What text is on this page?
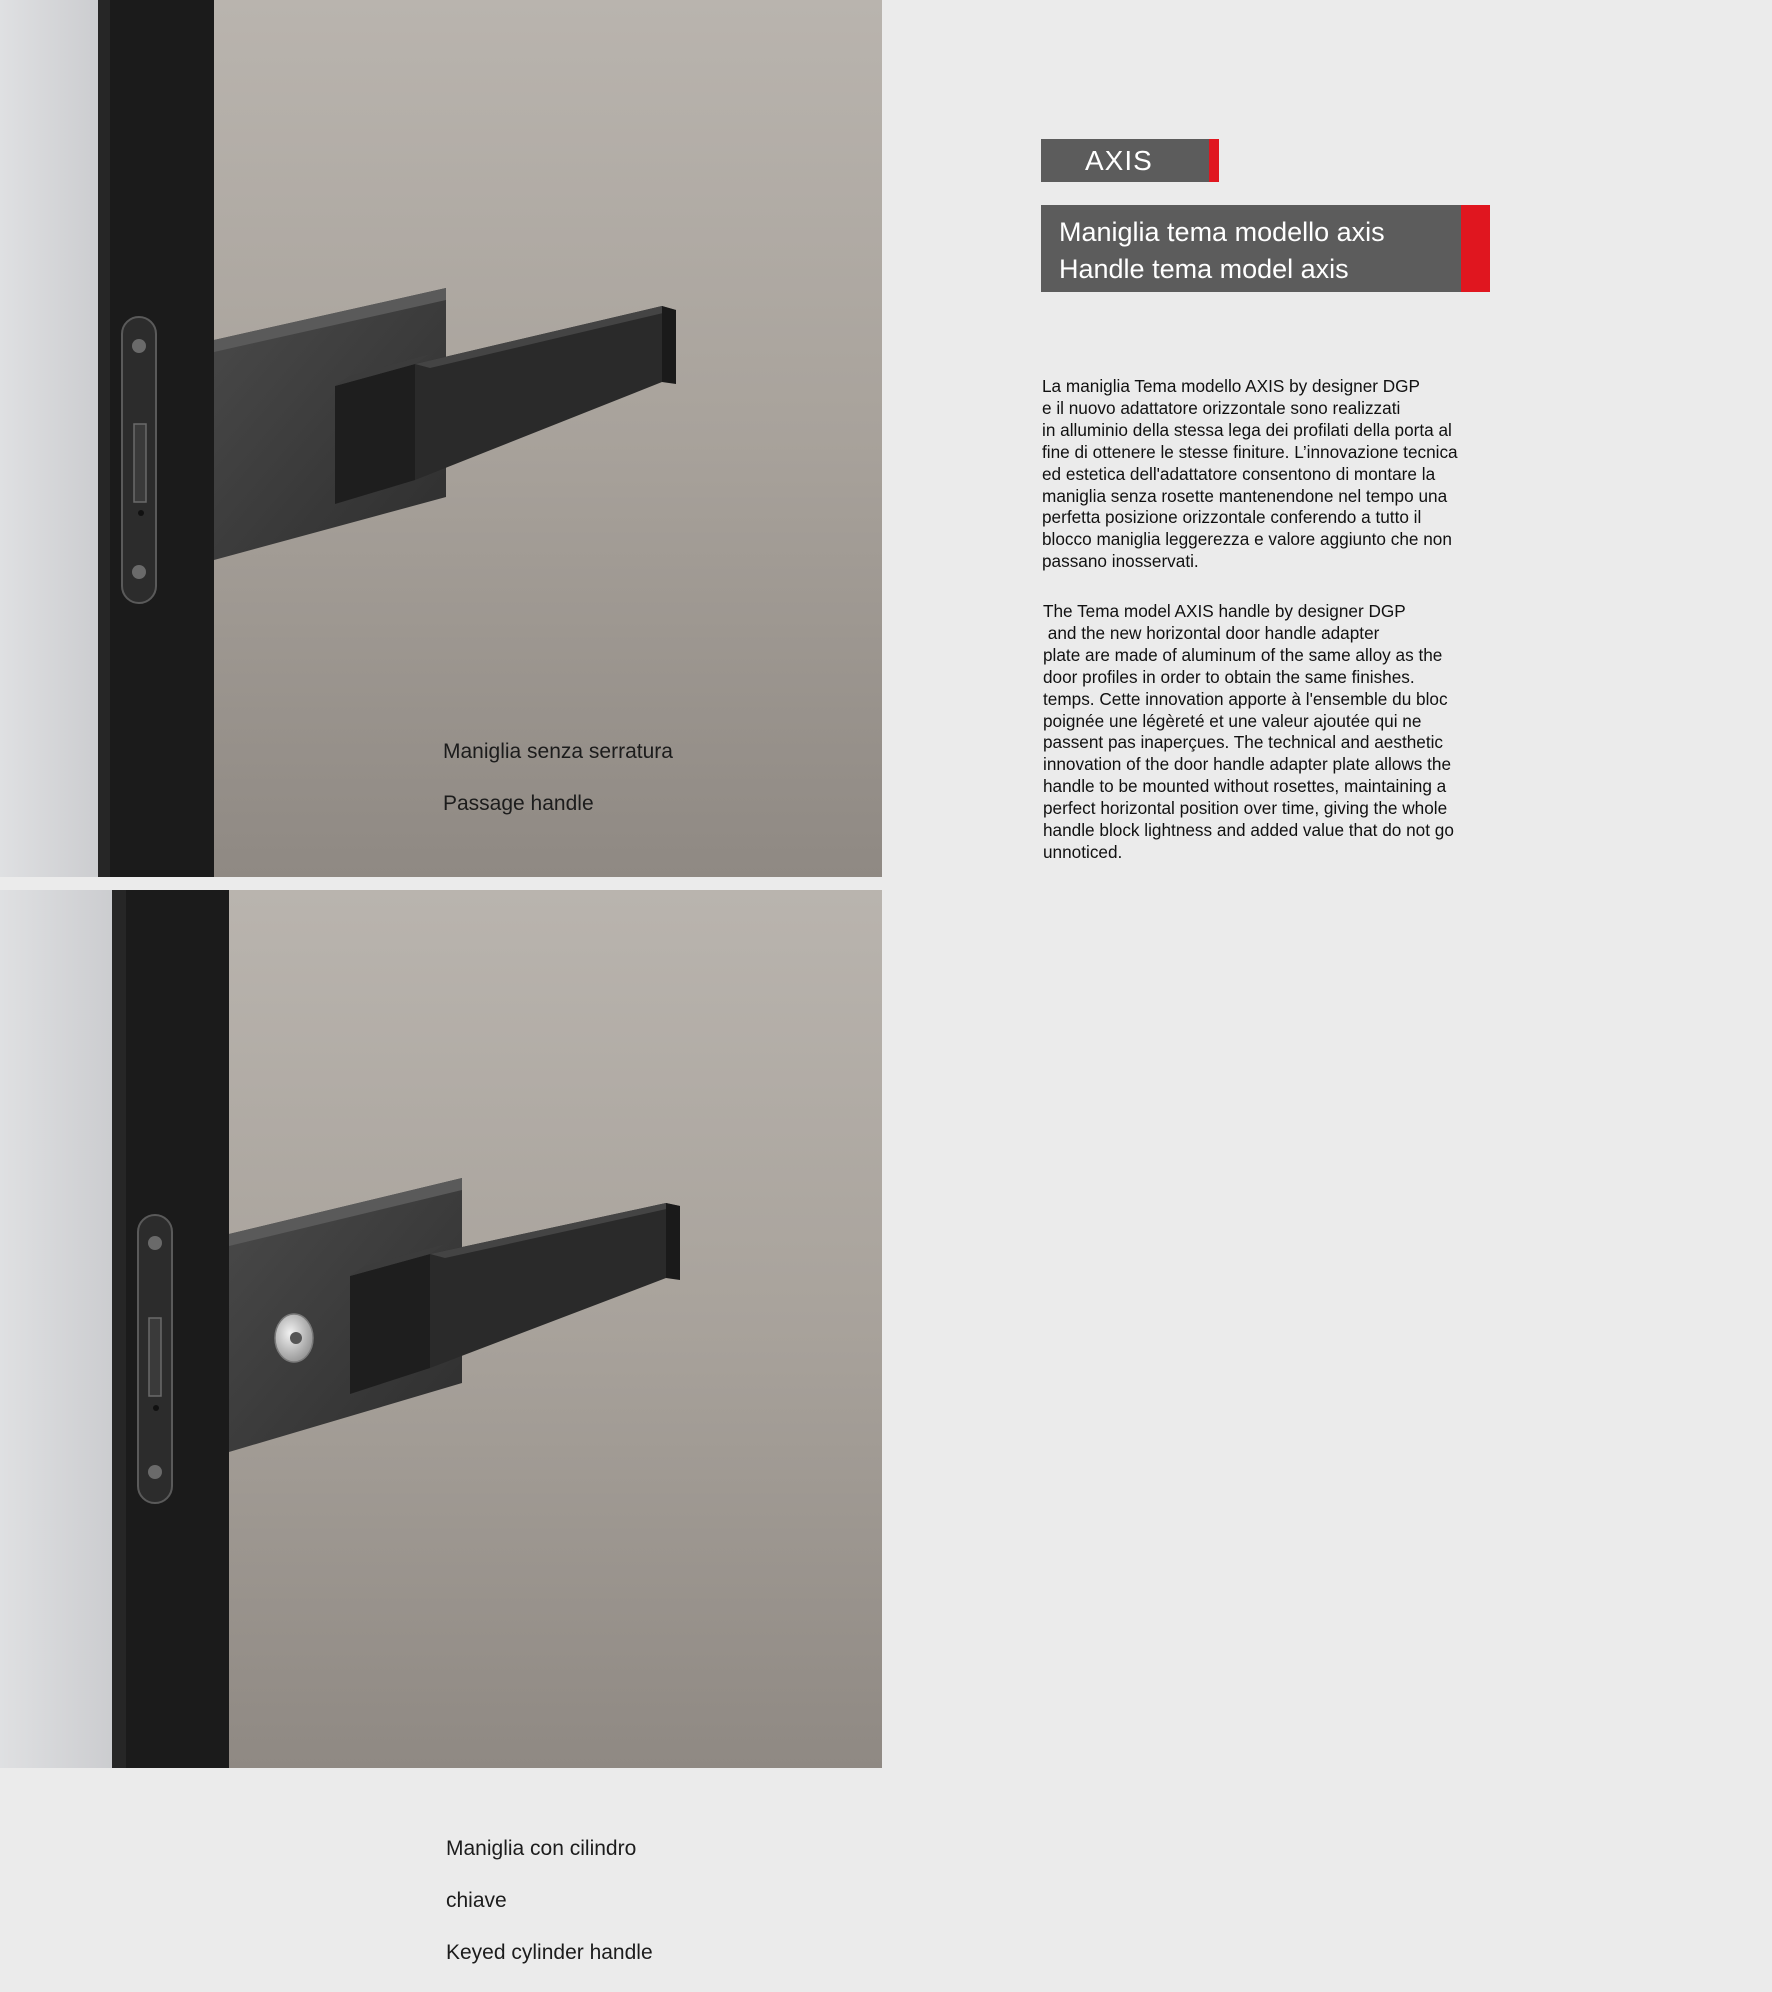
Maniglia senza serratura

Passage handle

Maniglia con cilindro

chiave

Keyed cylinder handle

AXIS
Maniglia tema modello axis
Handle tema model axis

La maniglia Tema modello AXIS by designer DGP
e il nuovo adattatore orizzontale sono realizzati
in alluminio della stessa lega dei profilati della porta al
fine di ottenere le stesse finiture. L’innovazione tecnica
ed estetica dell'adattatore consentono di montare la
maniglia senza rosette mantenendone nel tempo una
perfetta posizione orizzontale conferendo a tutto il
blocco maniglia leggerezza e valore aggiunto che non
passano inosservati.

The Tema model AXIS handle by designer DGP
and the new horizontal door handle adapter
plate are made of aluminum of the same alloy as the
door profiles in order to obtain the same finishes.
temps. Cette innovation apporte à l'ensemble du bloc
poignée une légèreté et une valeur ajoutée qui ne
passent pas inaperçues. The technical and aesthetic
innovation of the door handle adapter plate allows the
handle to be mounted without rosettes, maintaining a
perfect horizontal position over time, giving the whole
handle block lightness and added value that do not go
unnoticed.
